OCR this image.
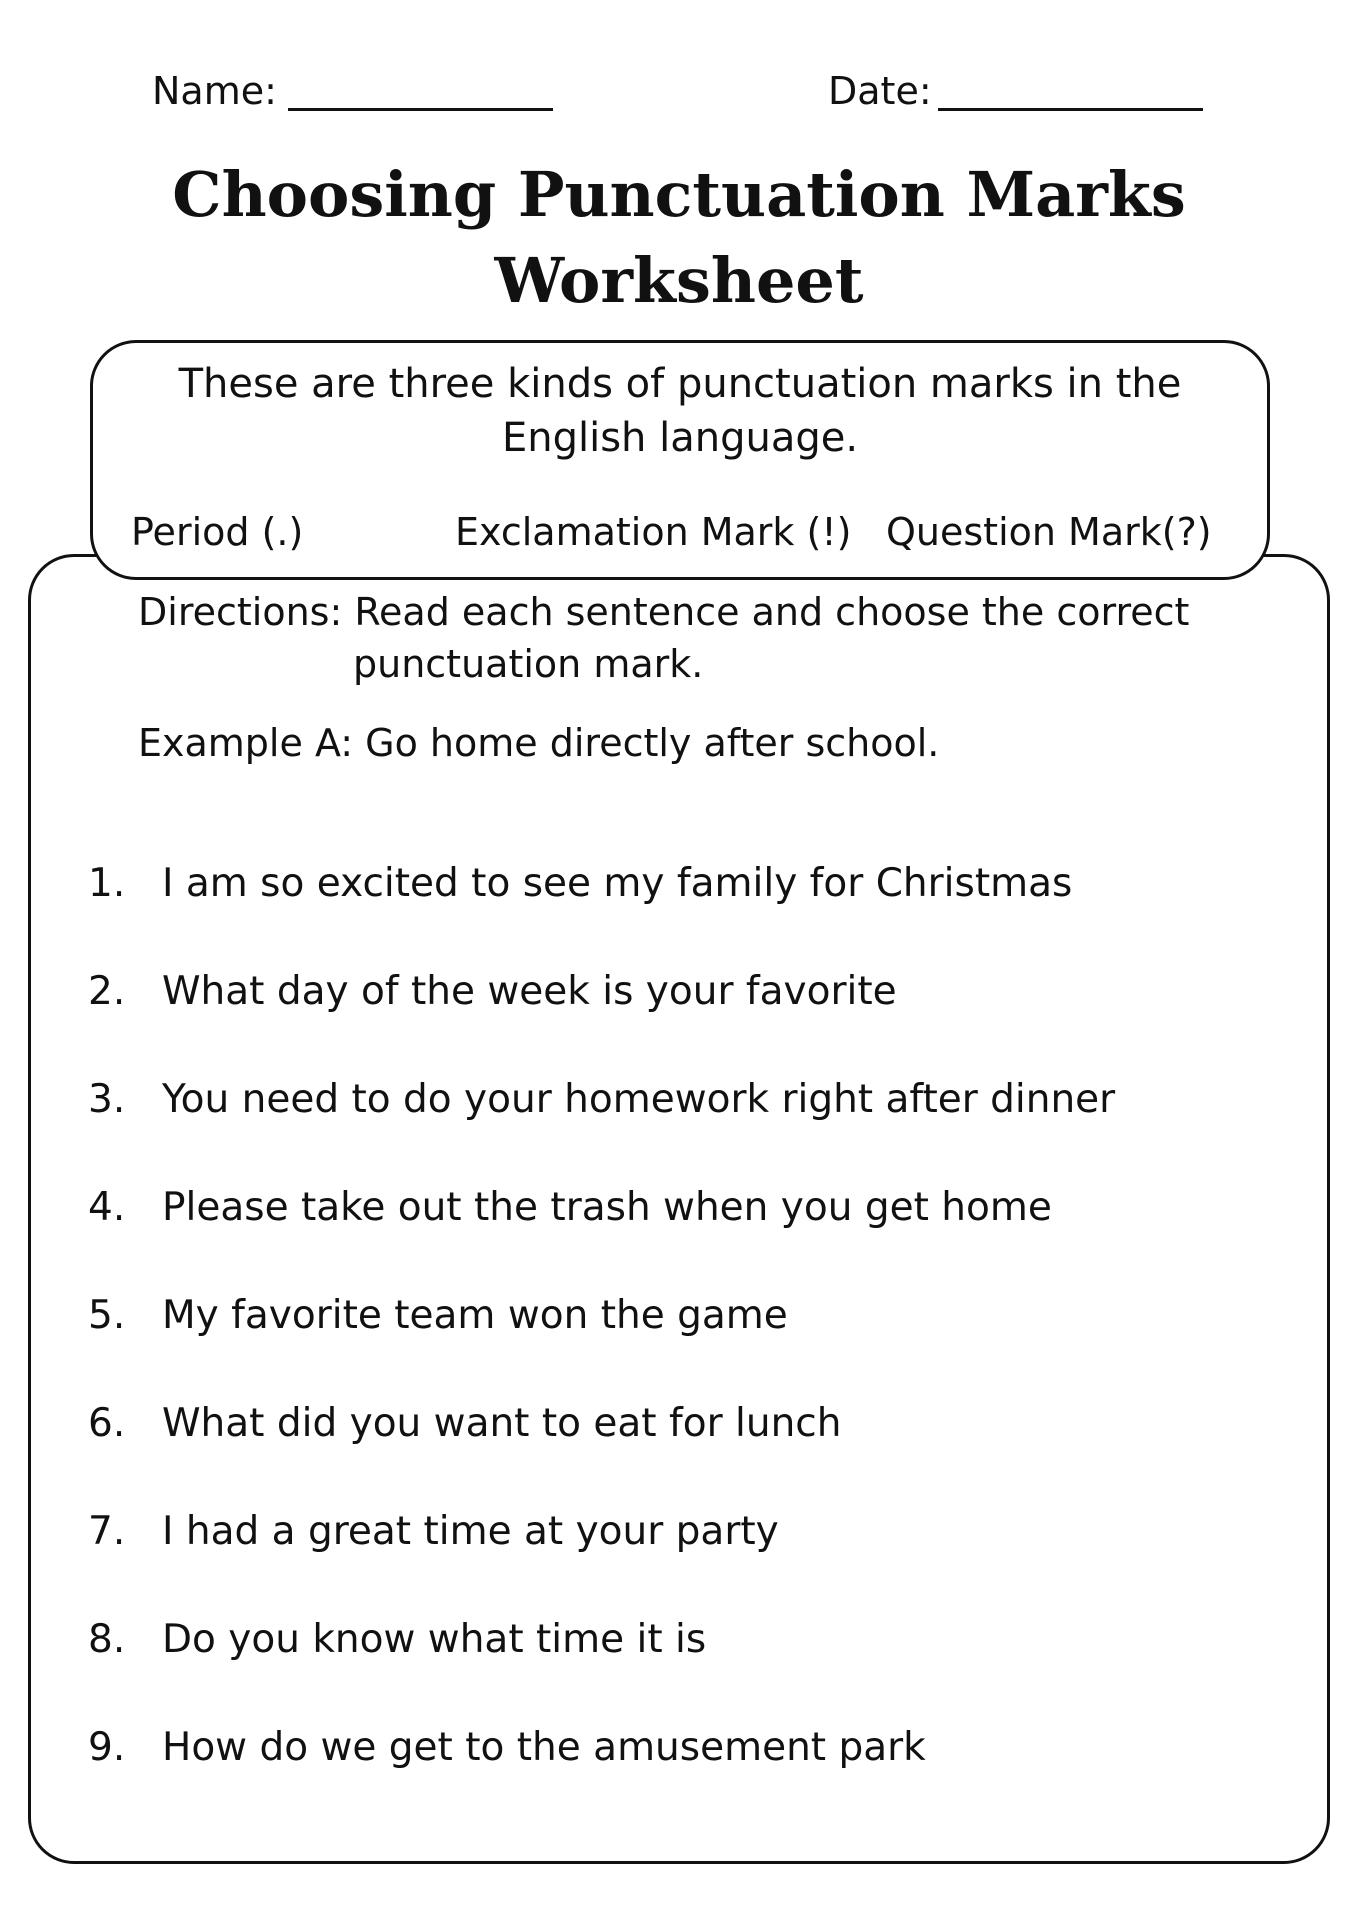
Name:	Date:
Choosing Punctuation Marks
Worksheet
These are three kinds of punctuation marks in the English language.
Period (.)	Exclamation Mark (!) Question Mark(?)
Directions: Read each sentence and choose the correct
punctuation mark.
Example A: Go home directly after school.
1. I am so excited to see my family for Christmas
2. What day of the week is your favorite
3. You need to do your homework right after dinner
4. Please take out the trash when you get home
5. My favorite team won the game
6. What did you want to eat for lunch
7. I had a great time at your party
8. Do you know what time it is
9. How do we get to the amusement park
